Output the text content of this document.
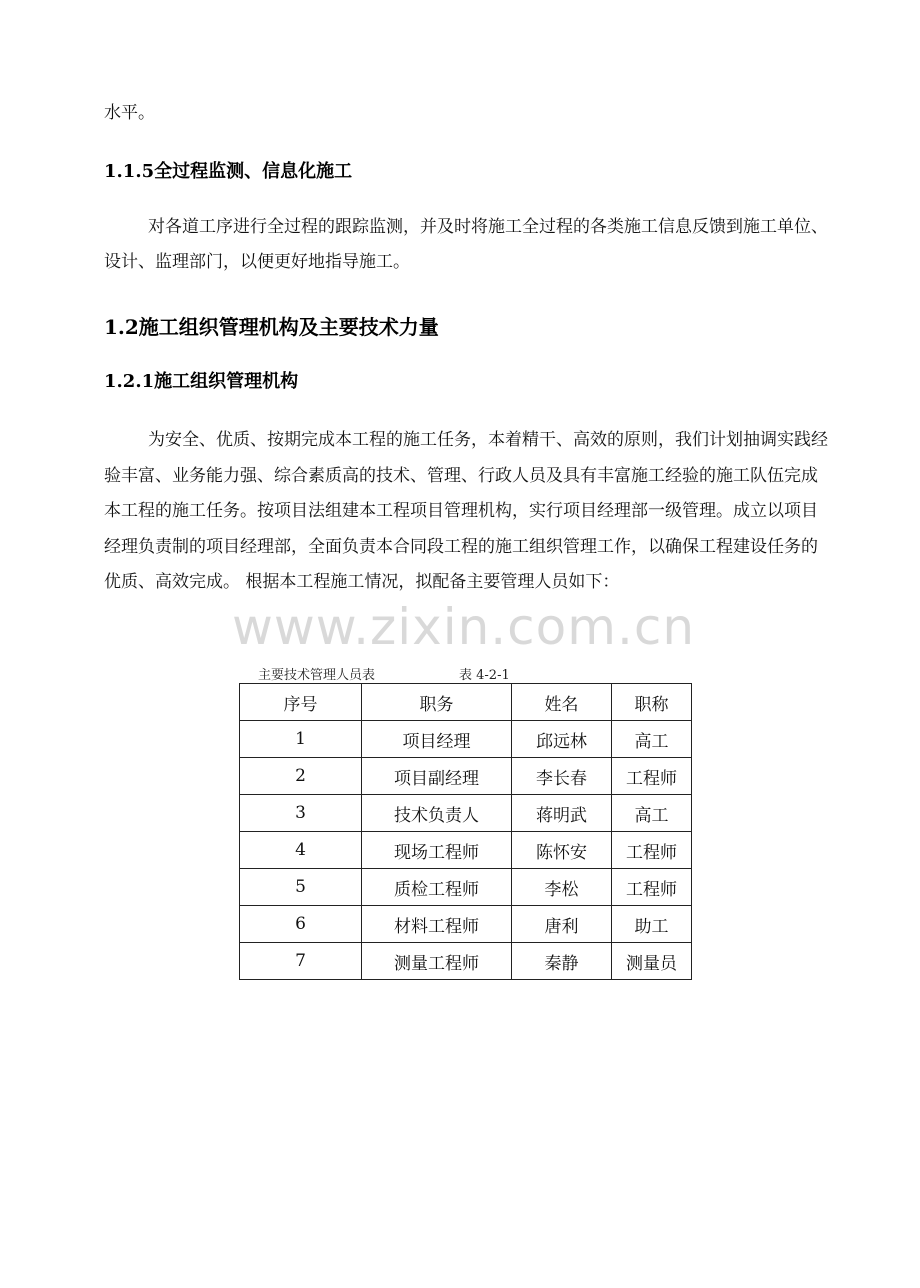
水平。

1.1.5全过程监测、信息化施工

对各道工序进行全过程的跟踪监测，并及时将施工全过程的各类施工信息反馈到施工单位、设计、监理部门，以便更好地指导施工。

1.2施工组织管理机构及主要技术力量
1.2.1施工组织管理机构

为安全、优质、按期完成本工程的施工任务，本着精干、高效的原则，我们计划抽调实践经验丰富、业务能力强、综合素质高的技术、管理、行政人员及具有丰富施工经验的施工队伍完成本工程的施工任务。按项目法组建本工程项目管理机构，实行项目经理部一级管理。成立以项目经理负责制的项目经理部，全面负责本合同段工程的施工组织管理工作，以确保工程建设任务的优质、高效完成。 根据本工程施工情况，拟配备主要管理人员如下：

www.zixin.com.cn
主要技术管理人员表	表 4-2-1
序号	职务	姓名	职称
1	项目经理	邱远林	高工
2	项目副经理	李长春	工程师
3	技术负责人	蒋明武	高工
4	现场工程师	陈怀安	工程师
5	质检工程师	李松	工程师
6	材料工程师	唐利	助工
7	测量工程师	秦静	测量员
